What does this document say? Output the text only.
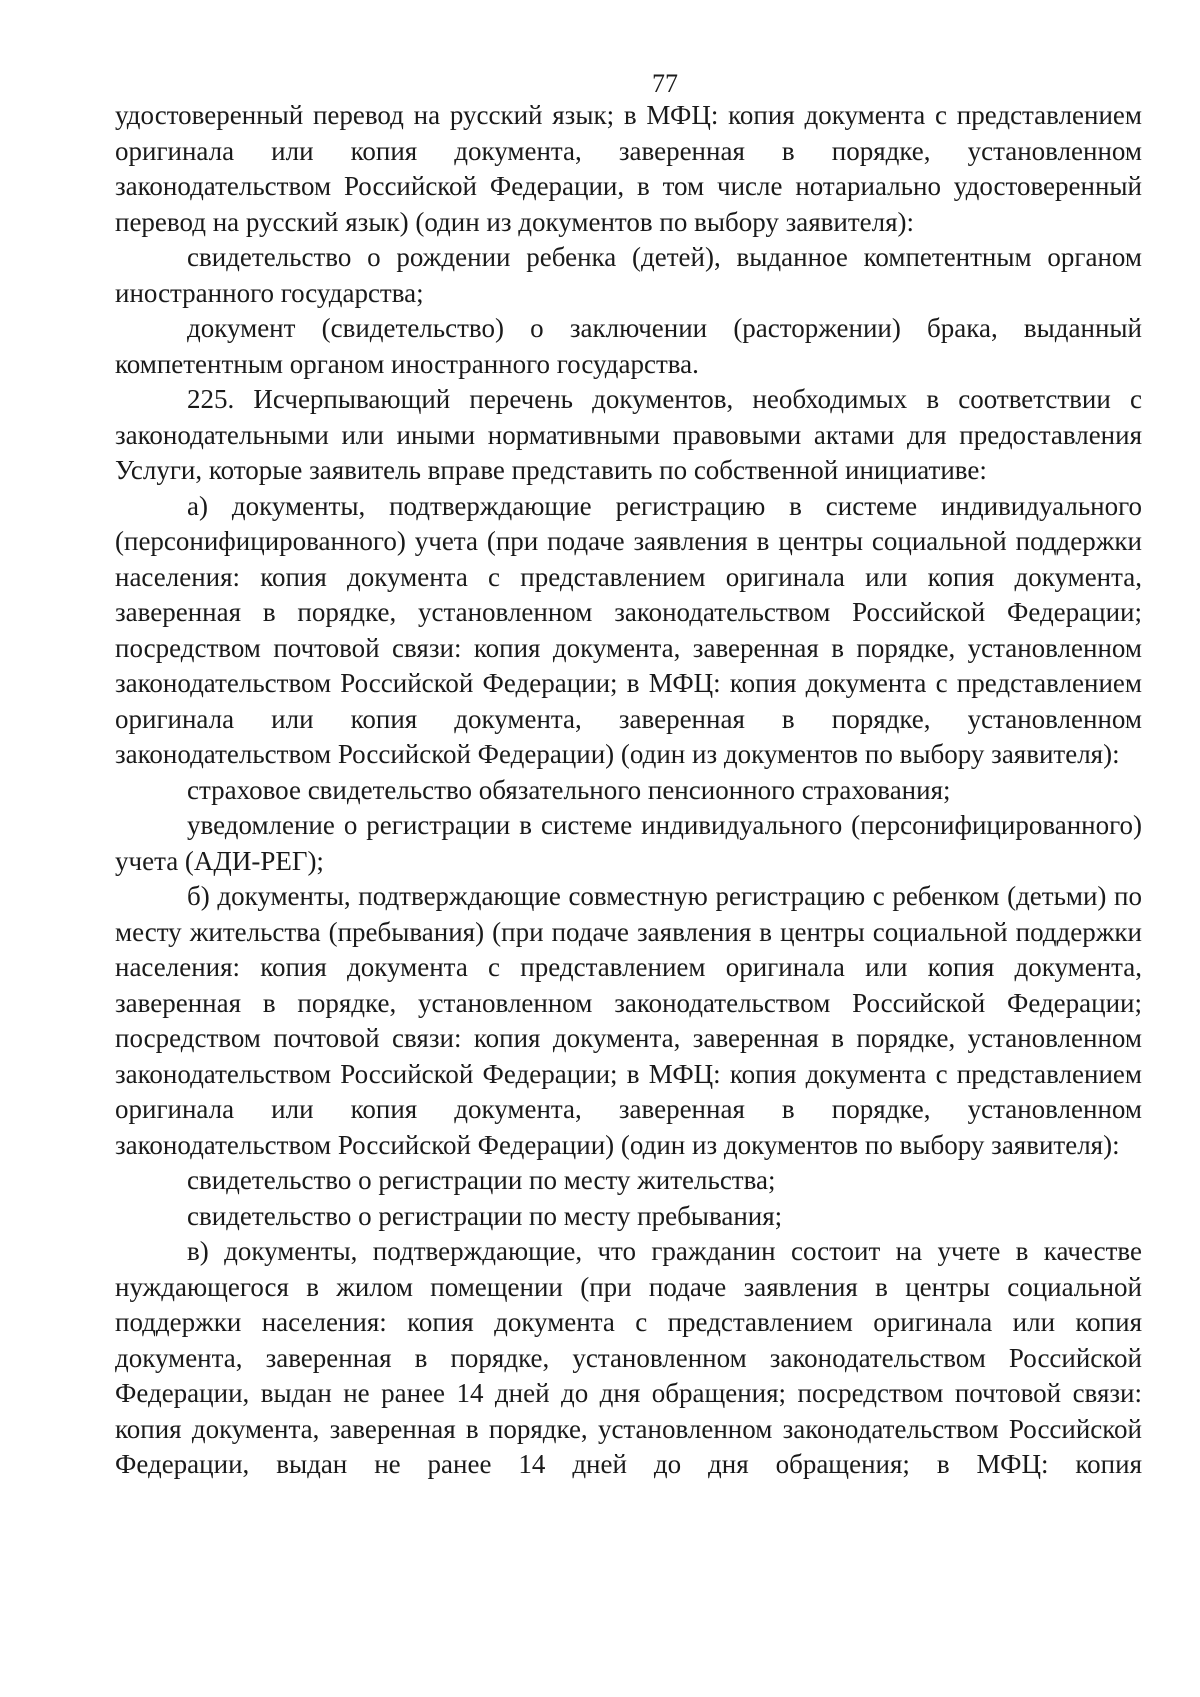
77

удостоверенный перевод на русский язык; в МФЦ: копия документа с представлением оригинала или копия документа, заверенная в порядке, установленном законодательством Российской Федерации, в том числе нотариально удостоверенный перевод на русский язык) (один из документов по выбору заявителя):

свидетельство о рождении ребенка (детей), выданное компетентным органом иностранного государства;

документ (свидетельство) о заключении (расторжении) брака, выданный компетентным органом иностранного государства.

225. Исчерпывающий перечень документов, необходимых в соответствии с законодательными или иными нормативными правовыми актами для предоставления Услуги, которые заявитель вправе представить по собственной инициативе:

а) документы, подтверждающие регистрацию в системе индивидуального (персонифицированного) учета (при подаче заявления в центры социальной поддержки населения: копия документа с представлением оригинала или копия документа, заверенная в порядке, установленном законодательством Российской Федерации; посредством почтовой связи: копия документа, заверенная в порядке, установленном законодательством Российской Федерации; в МФЦ: копия документа с представлением оригинала или копия документа, заверенная в порядке, установленном законодательством Российской Федерации) (один из документов по выбору заявителя):

страховое свидетельство обязательного пенсионного страхования;

уведомление о регистрации в системе индивидуального (персонифицированного) учета (АДИ-РЕГ);

б) документы, подтверждающие совместную регистрацию с ребенком (детьми) по месту жительства (пребывания) (при подаче заявления в центры социальной поддержки населения: копия документа с представлением оригинала или копия документа, заверенная в порядке, установленном законодательством Российской Федерации; посредством почтовой связи: копия документа, заверенная в порядке, установленном законодательством Российской Федерации; в МФЦ: копия документа с представлением оригинала или копия документа, заверенная в порядке, установленном законодательством Российской Федерации) (один из документов по выбору заявителя):

свидетельство о регистрации по месту жительства;

свидетельство о регистрации по месту пребывания;

в) документы, подтверждающие, что гражданин состоит на учете в качестве нуждающегося в жилом помещении (при подаче заявления в центры социальной поддержки населения: копия документа с представлением оригинала или копия документа, заверенная в порядке, установленном законодательством Российской Федерации, выдан не ранее 14 дней до дня обращения; посредством почтовой связи: копия документа, заверенная в порядке, установленном законодательством Российской Федерации, выдан не ранее 14 дней до дня обращения; в МФЦ: копия
